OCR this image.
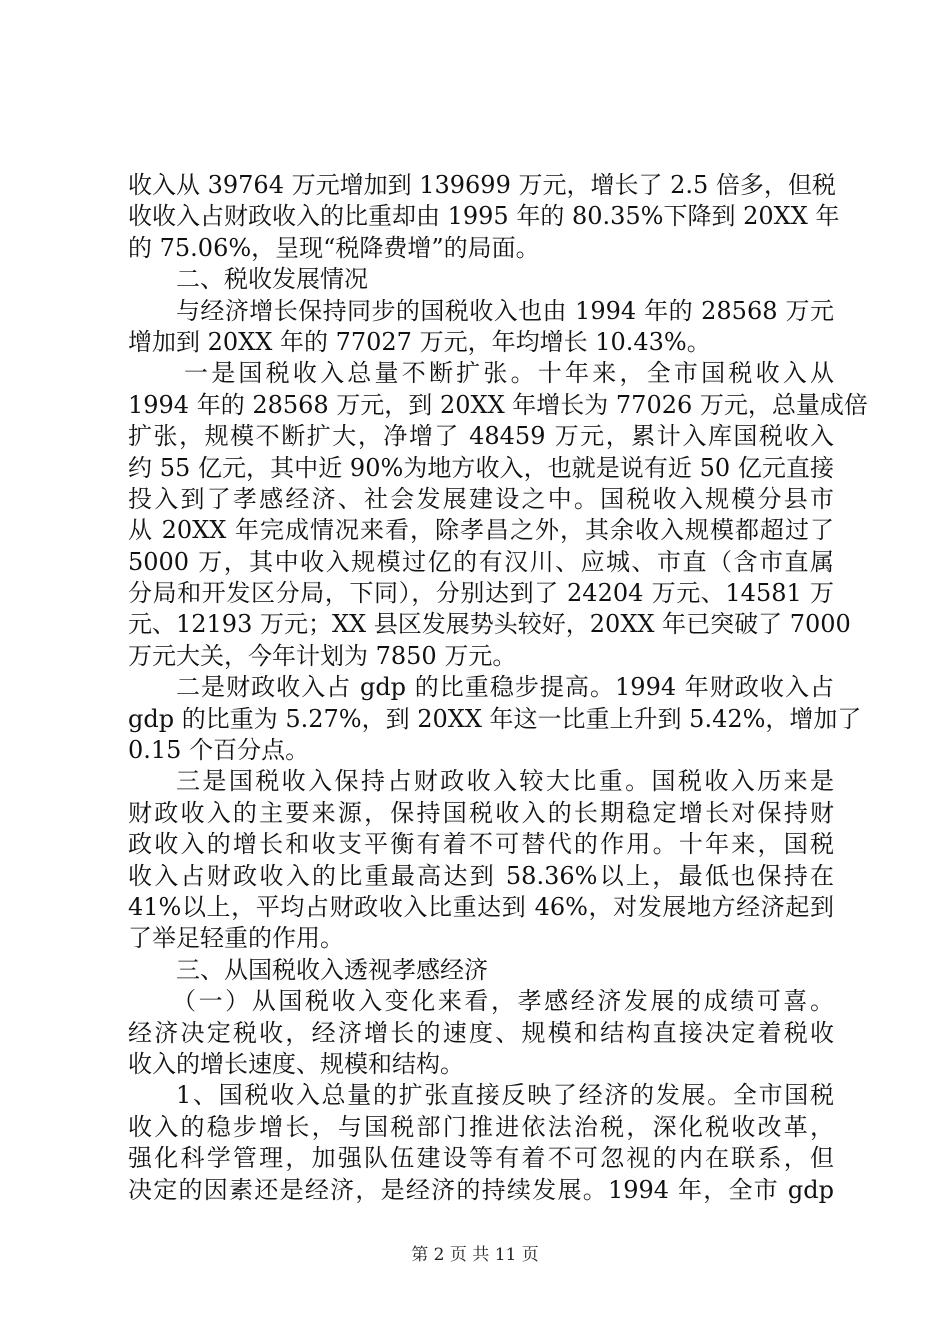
收入从 39764 万元增加到 139699 万元，增长了 2.5 倍多，但税
收收入占财政收入的比重却由 1995 年的 80.35%下降到 20XX 年
的 75.06%，呈现“税降费增”的局面。
二、税收发展情况
与经济增长保持同步的国税收入也由 1994 年的 28568 万元
增加到 20XX 年的 77027 万元，年均增长 10.43%。
一是国税收入总量不断扩张。十年来，全市国税收入从
1994 年的 28568 万元，到 20XX 年增长为 77026 万元，总量成倍
扩张，规模不断扩大，净增了 48459 万元，累计入库国税收入
约 55 亿元，其中近 90%为地方收入，也就是说有近 50 亿元直接
投入到了孝感经济、社会发展建设之中。国税收入规模分县市
从 20XX 年完成情况来看，除孝昌之外，其余收入规模都超过了
5000 万，其中收入规模过亿的有汉川、应城、市直（含市直属
分局和开发区分局，下同），分别达到了 24204 万元、14581 万
元、12193 万元；XX 县区发展势头较好，20XX 年已突破了 7000
万元大关，今年计划为 7850 万元。
二是财政收入占 gdp 的比重稳步提高。1994 年财政收入占
gdp 的比重为 5.27%，到 20XX 年这一比重上升到 5.42%，增加了
0.15 个百分点。
三是国税收入保持占财政收入较大比重。国税收入历来是
财政收入的主要来源，保持国税收入的长期稳定增长对保持财
政收入的增长和收支平衡有着不可替代的作用。十年来，国税
收入占财政收入的比重最高达到 58.36%以上，最低也保持在
41%以上，平均占财政收入比重达到 46%，对发展地方经济起到
了举足轻重的作用。
三、从国税收入透视孝感经济
（一）从国税收入变化来看，孝感经济发展的成绩可喜。
经济决定税收，经济增长的速度、规模和结构直接决定着税收
收入的增长速度、规模和结构。
1、国税收入总量的扩张直接反映了经济的发展。全市国税
收入的稳步增长，与国税部门推进依法治税，深化税收改革，
强化科学管理，加强队伍建设等有着不可忽视的内在联系，但
决定的因素还是经济，是经济的持续发展。1994 年，全市 gdp
第 2 页 共 11 页
